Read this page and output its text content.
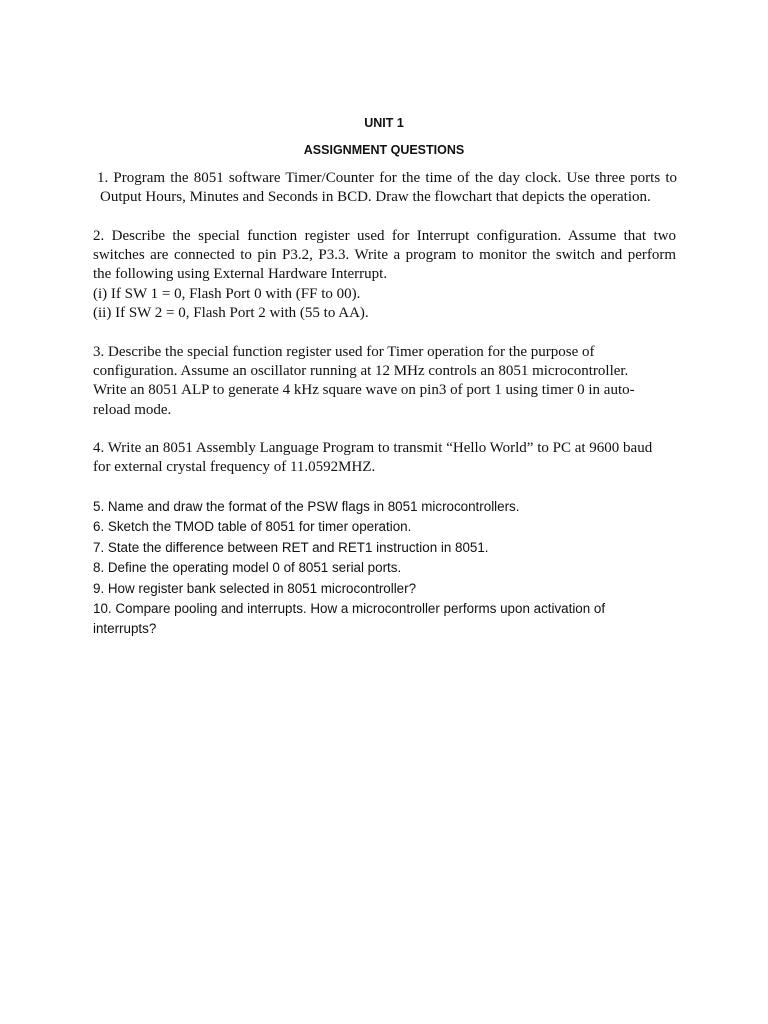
UNIT 1
ASSIGNMENT QUESTIONS
1. Program the 8051 software Timer/Counter for the time of the day clock. Use three ports to
Output Hours, Minutes and Seconds in BCD. Draw the flowchart that depicts the operation.
2. Describe the special function register used for Interrupt configuration. Assume that two
switches are connected to pin P3.2, P3.3. Write a program to monitor the switch and perform
the following using External Hardware Interrupt.
(i) If SW 1 = 0, Flash Port 0 with (FF to 00).
(ii) If SW 2 = 0, Flash Port 2 with (55 to AA).
3. Describe the special function register used for Timer operation for the purpose of
configuration. Assume an oscillator running at 12 MHz controls an 8051 microcontroller.
Write an 8051 ALP to generate 4 kHz square wave on pin3 of port 1 using timer 0 in auto-
reload mode.
4. Write an 8051 Assembly Language Program to transmit “Hello World” to PC at 9600 baud
for external crystal frequency of 11.0592MHZ.
5. Name and draw the format of the PSW flags in 8051 microcontrollers.
6. Sketch the TMOD table of 8051 for timer operation.
7. State the difference between RET and RET1 instruction in 8051.
8. Define the operating model 0 of 8051 serial ports.
9. How register bank selected in 8051 microcontroller?
10. Compare pooling and interrupts. How a microcontroller performs upon activation of
interrupts?
